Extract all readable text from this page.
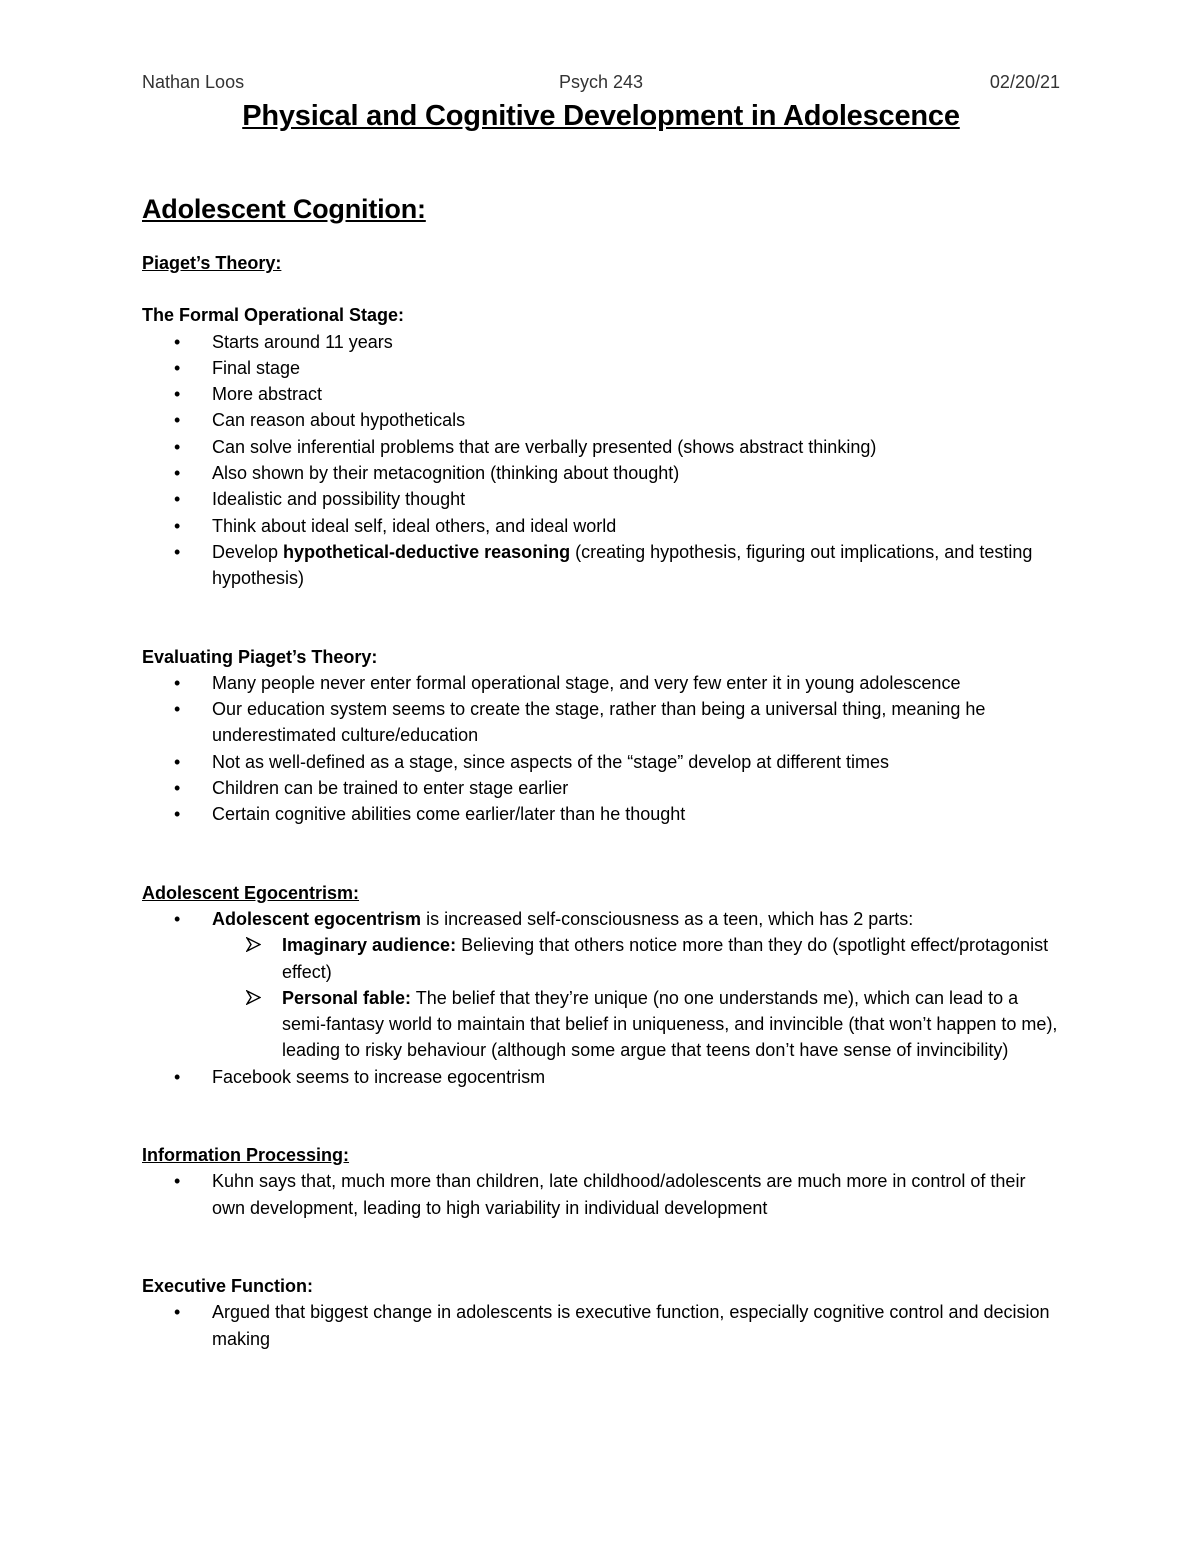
Nathan Loos	Psych 243	02/20/21
Physical and Cognitive Development in Adolescence
Adolescent Cognition:

Piaget’s Theory:

The Formal Operational Stage:

• Starts around 11 years
• Final stage
• More abstract
• Can reason about hypotheticals
• Can solve inferential problems that are verbally presented (shows abstract thinking)
• Also shown by their metacognition (thinking about thought)
• Idealistic and possibility thought
• Think about ideal self, ideal others, and ideal world
• Develop hypothetical-deductive reasoning (creating hypothesis, figuring out implications, and testing hypothesis)

Evaluating Piaget’s Theory:

• Many people never enter formal operational stage, and very few enter it in young adolescence
• Our education system seems to create the stage, rather than being a universal thing, meaning he underestimated culture/education
• Not as well-defined as a stage, since aspects of the “stage” develop at different times
• Children can be trained to enter stage earlier
• Certain cognitive abilities come earlier/later than he thought

Adolescent Egocentrism:

• Adolescent egocentrism is increased self-consciousness as a teen, which has 2 parts:
Imaginary audience: Believing that others notice more than they do (spotlight effect/protagonist effect)
Personal fable: The belief that they’re unique (no one understands me), which can lead to a semi-fantasy world to maintain that belief in uniqueness, and invincible (that won’t happen to me), leading to risky behaviour (although some argue that teens don’t have sense of invincibility)
• Facebook seems to increase egocentrism

Information Processing:

• Kuhn says that, much more than children, late childhood/adolescents are much more in control of their own development, leading to high variability in individual development

Executive Function:

• Argued that biggest change in adolescents is executive function, especially cognitive control and decision making
